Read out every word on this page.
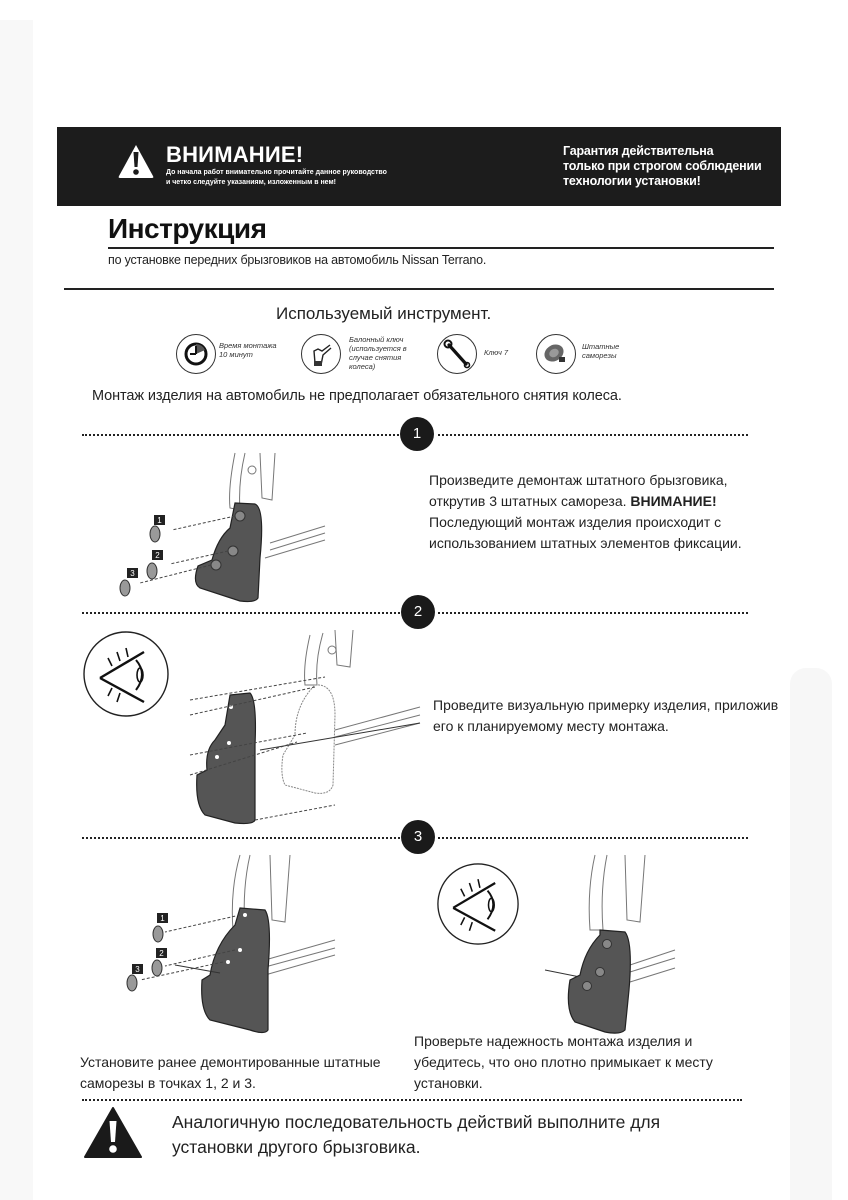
ВНИМАНИЕ!
До начала работ внимательно прочитайте данное руководство
и четко следуйте указаниям, изложенным в нем!
Гарантия действительна
только при строгом соблюдении
технологии установки!
Инструкция
по установке передних брызговиков на автомобиль Nissan Terrano.
Используемый инструмент.
Время монтажа
10 минут
Балонный ключ
(используется в
случае снятия
колеса)
Ключ 7
Штатные
саморезы
Монтаж изделия на автомобиль не предполагает обязательного снятия колеса.
1
1
2
3
Произведите демонтаж штатного брызговика, открутив 3 штатных самореза. ВНИМАНИЕ! Последующий монтаж изделия происходит с использованием штатных элементов фиксации.
2
Проведите визуальную примерку изделия, приложив его к планируемому месту монтажа.
3
1
2
3
Установите ранее демонтированные штатные саморезы в точках 1, 2 и 3.
Проверьте надежность монтажа изделия и убедитесь, что оно плотно примыкает к месту установки.
Аналогичную последовательность действий выполните для установки другого брызговика.
